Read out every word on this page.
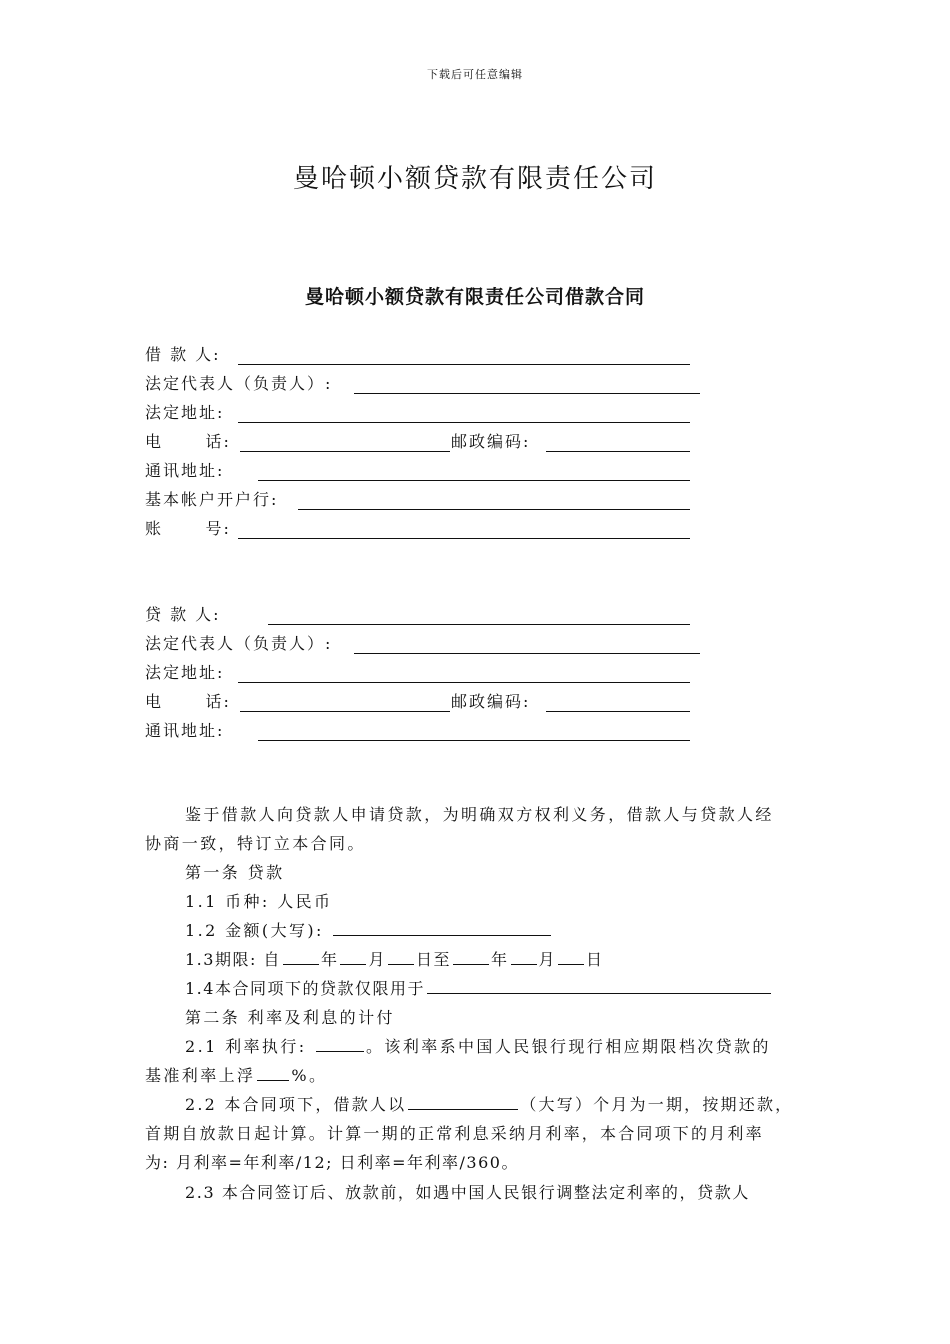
下载后可任意编辑
曼哈顿小额贷款有限责任公司
曼哈顿小额贷款有限责任公司借款合同
借 款 人:
法定代表人（负责人）:
法定地址:
电      话:	邮政编码:
通讯地址:
基本帐户开户行:
账      号:
贷 款 人:
法定代表人（负责人）:
法定地址:
电      话:	邮政编码:
通讯地址:
鉴于借款人向贷款人申请贷款，为明确双方权利义务，借款人与贷款人经
协商一致，特订立本合同。
第一条 贷款
1.1 币种: 人民币
1.2 金额(大写):
1.3期限: 自	年 月 日至	年 月 日
1.4本合同项下的贷款仅限用于
第二条 利率及利息的计付
2.1 利率执行:	。该利率系中国人民银行现行相应期限档次贷款的
基准利率上浮 %。
2.2 本合同项下，借款人以	（大写）个月为一期，按期还款，
首期自放款日起计算。计算一期的正常利息采纳月利率，本合同项下的月利率
为: 月利率=年利率/12; 日利率=年利率/360。
2.3 本合同签订后、放款前，如遇中国人民银行调整法定利率的，贷款人
